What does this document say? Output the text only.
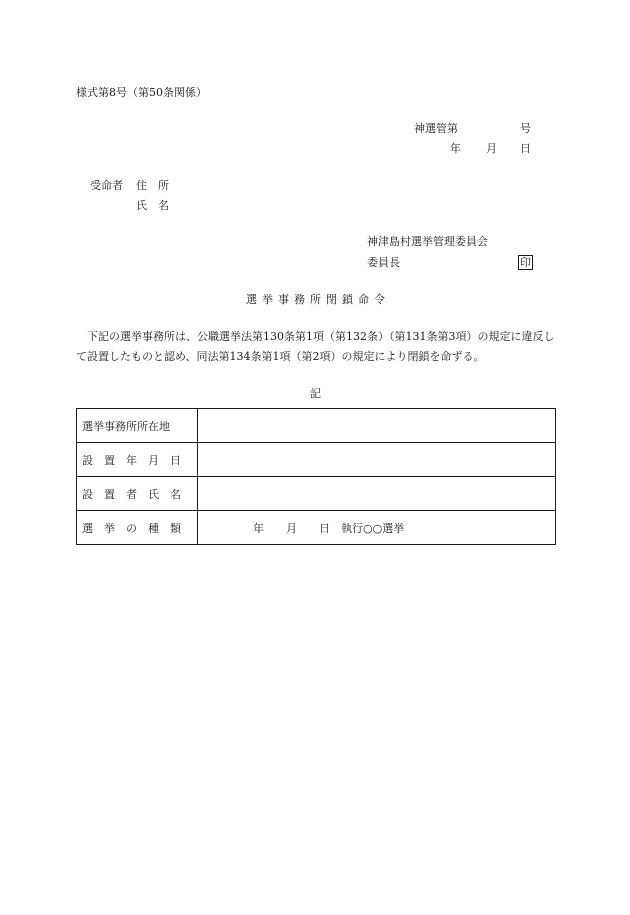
様式第8号（第50条関係）
神選管第	号
年 月 日
受命者 住　所
氏　名
神津島村選挙管理委員会
委員長	印
選挙事務所閉鎖命令
下記の選挙事務所は、公職選挙法第130条第1項（第132条）（第131条第3項）の規定に違反して設置したものと認め、同法第134条第1項（第2項）の規定により閉鎖を命ずる。
記
選挙事務所所在地	
設置年月日	
設置者氏名	
選挙の種類	年　　月　　日　執行○○選挙
